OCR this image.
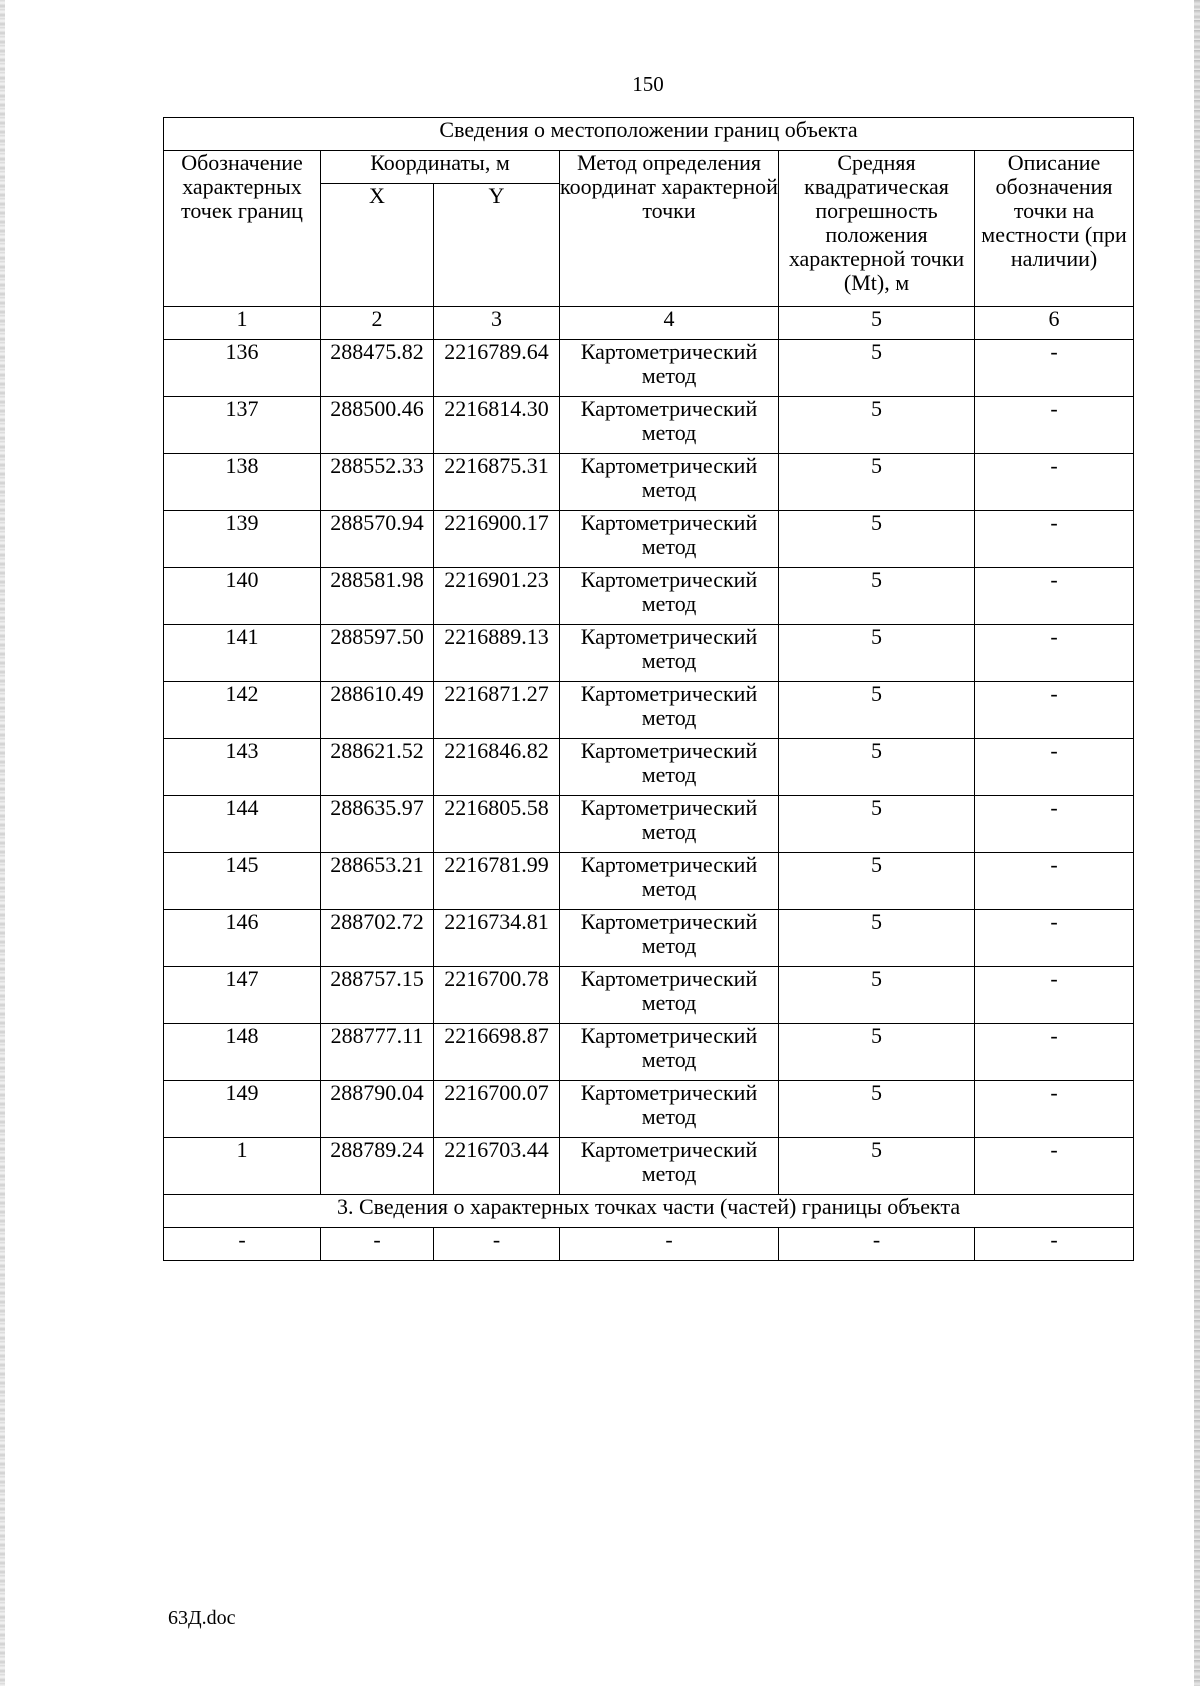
150
Сведения о местоположении границ объекта					
Обозначение характерных точек границ	Координаты, м		Метод определения координат характерной точки	Средняя квадратическая погрешность положения характерной точки (Mt), м	Описание обозначения точки на местности (при наличии)
	X	Y			
1	2	3	4	5	6
136	288475.82	2216789.64	Картометрический метод	5	-
137	288500.46	2216814.30	Картометрический метод	5	-
138	288552.33	2216875.31	Картометрический метод	5	-
139	288570.94	2216900.17	Картометрический метод	5	-
140	288581.98	2216901.23	Картометрический метод	5	-
141	288597.50	2216889.13	Картометрический метод	5	-
142	288610.49	2216871.27	Картометрический метод	5	-
143	288621.52	2216846.82	Картометрический метод	5	-
144	288635.97	2216805.58	Картометрический метод	5	-
145	288653.21	2216781.99	Картометрический метод	5	-
146	288702.72	2216734.81	Картометрический метод	5	-
147	288757.15	2216700.78	Картометрический метод	5	-
148	288777.11	2216698.87	Картометрический метод	5	-
149	288790.04	2216700.07	Картометрический метод	5	-
1	288789.24	2216703.44	Картометрический метод	5	-
3. Сведения о характерных точках части (частей) границы объекта					
-	-	-	-	-	-
63Д.doc
